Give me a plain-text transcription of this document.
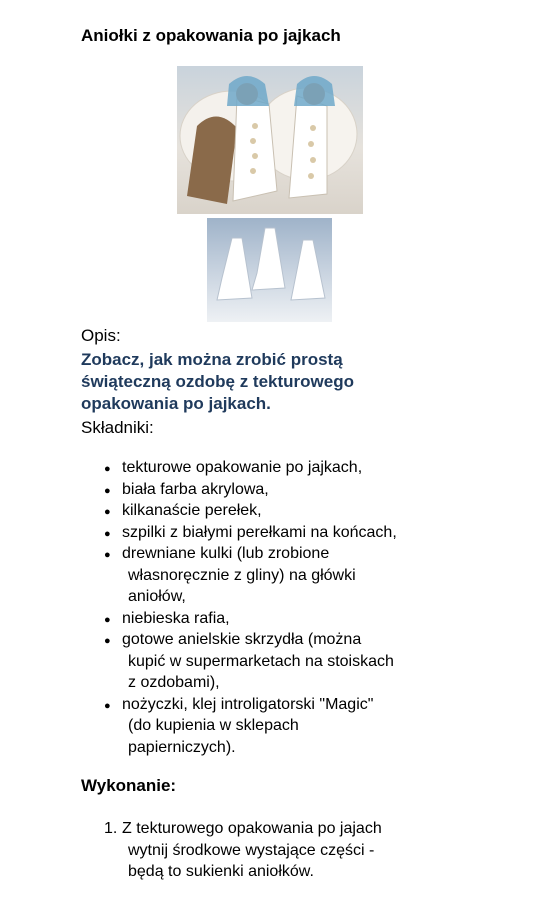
Aniołki z opakowania po jajkach
Opis:
Zobacz, jak można zrobić prostą
świąteczną ozdobę z tekturowego
opakowania po jajkach.
Składniki:
● tekturowe opakowanie po jajkach,
● biała farba akrylowa,
● kilkanaście perełek,
● szpilki z białymi perełkami na końcach,
● drewniane kulki (lub zrobione
własnoręcznie z gliny) na główki
aniołów,
● niebieska rafia,
● gotowe anielskie skrzydła (można
kupić w supermarketach na stoiskach
z ozdobami),
● nożyczki, klej introligatorski "Magic"
(do kupienia w sklepach
papierniczych).
Wykonanie:
1. Z tekturowego opakowania po jajach
wytnij środkowe wystające części -
będą to sukienki aniołków.
